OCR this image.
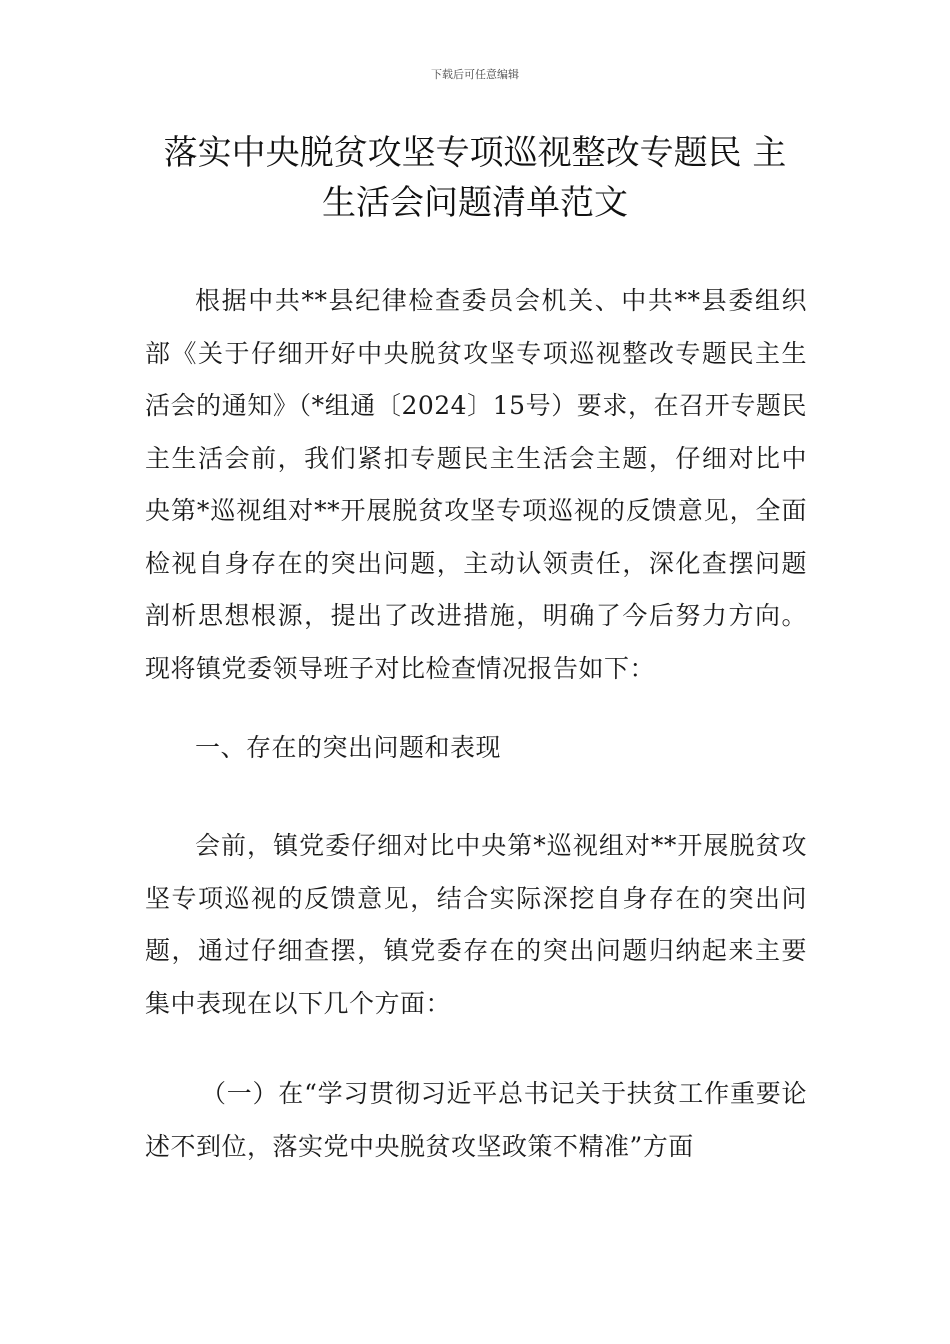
下载后可任意编辑
落实中央脱贫攻坚专项巡视整改专题民 主
生活会问题清单范文

根据中共**县纪律检查委员会机关、中共**县委组织部《关于仔细开好中央脱贫攻坚专项巡视整改专题民主生活会的通知》（*组通〔2024〕15号）要求，在召开专题民主生活会前，我们紧扣专题民主生活会主题，仔细对比中央第*巡视组对**开展脱贫攻坚专项巡视的反馈意见，全面检视自身存在的突出问题，主动认领责任，深化查摆问题剖析思想根源，提出了改进措施，明确了今后努力方向。现将镇党委领导班子对比检查情况报告如下：

一、存在的突出问题和表现

会前，镇党委仔细对比中央第*巡视组对**开展脱贫攻坚专项巡视的反馈意见，结合实际深挖自身存在的突出问题，通过仔细查摆，镇党委存在的突出问题归纳起来主要集中表现在以下几个方面：

（一）在“学习贯彻习近平总书记关于扶贫工作重要论述不到位，落实党中央脱贫攻坚政策不精准”方面
